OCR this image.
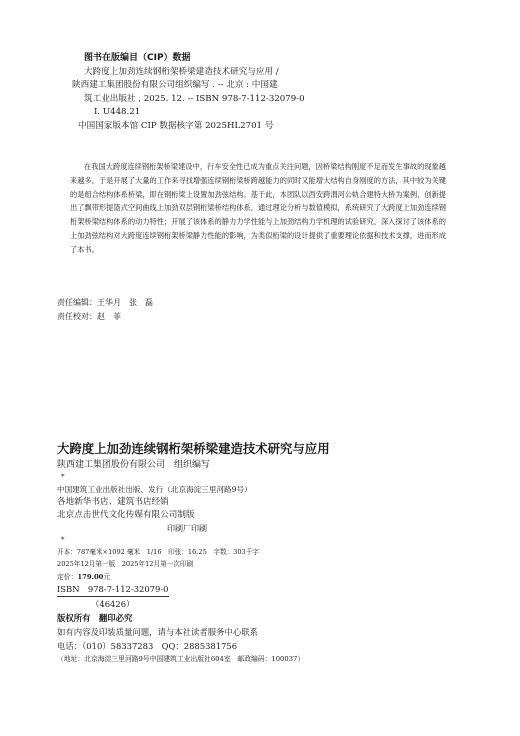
图书在版编目（CIP）数据
大跨度上加劲连续钢桁架桥梁建造技术研究与应用 /
陕西建工集团股份有限公司组织编写 . -- 北京 : 中国建
筑工业出版社 , 2025. 12. -- ISBN 978-7-112-32079-0
Ⅰ. U448.21
中国国家版本馆 CIP 数据核字第 2025HL2701 号
在我国大跨度连续钢桁架桥梁建设中，行车安全性已成为重点关注问题，因桥梁结构刚度不足而发生事故的现象越来越多。于是开展了大量的工作来寻找增强连续钢桁梁桥跨越能力的同时又能增大结构自身刚度的方法，其中较为关键的是组合结构体系桥梁，即在钢桁梁上设置加劲弦结构。基于此，本团队以西安跨渭河公轨合建特大桥为案例，创新提出了飘带形提篮式空间曲线上加劲双层钢桁梁桥结构体系，通过理论分析与数值模拟，系统研究了大跨度上加劲连续钢桁架桥梁结构体系的动力特性；开展了该体系的静力力学性能与上加劲结构力学机理的试验研究，深入探讨了该体系的上加劲弦结构对大跨度连续钢桁架桥梁静力性能的影响，为类似桁梁的设计提供了重要理论依据和技术支撑，进而形成了本书。
责任编辑：王华月　张　磊
责任校对：赵　菲
大跨度上加劲连续钢桁架桥梁建造技术研究与应用
陕西建工集团股份有限公司　组织编写
*
中国建筑工业出版社出版、发行（北京海淀三里河路9号）
各地新华书店、建筑书店经销
北京点击世代文化传媒有限公司制版
印刷厂印刷
*
开本：787毫米×1092 毫米　1/16　印张：16.25　字数：303千字
2025年12月第一版　2025年12月第一次印刷
定价：179.00元
ISBN　978-7-112-32079-0
（46426）
版权所有　翻印必究
如有内容及印装质量问题，请与本社读者服务中心联系
电话：（010）58337283　QQ：2885381756
（地址：北京海淀三里河路9号中国建筑工业出版社604室　邮政编码：100037）
